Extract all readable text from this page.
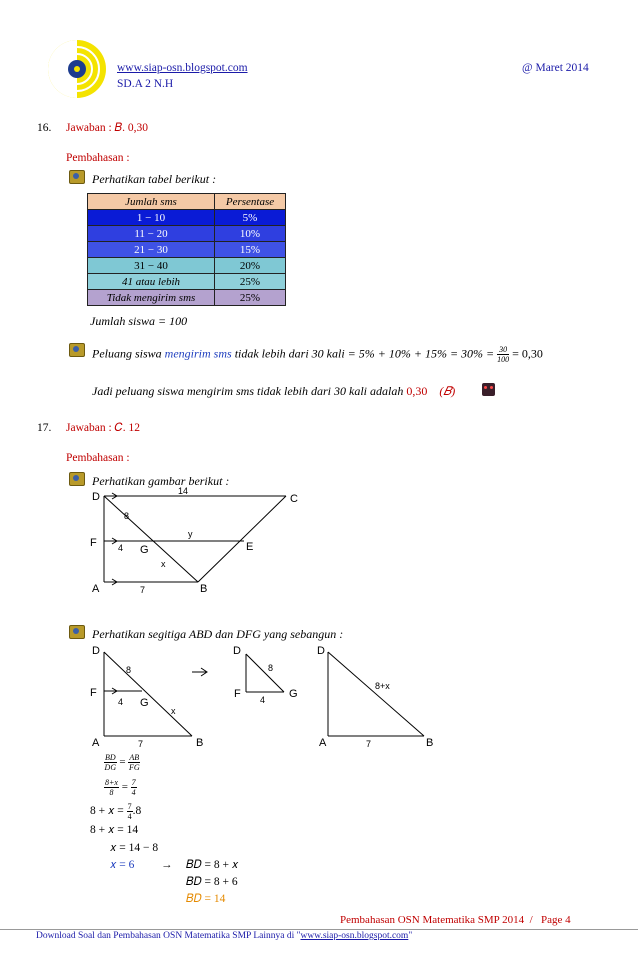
www.siap-osn.blogspot.com
SD.A 2 N.H
@ Maret 2014
16. Jawaban : 𝐵. 0,30
Pembahasan :
Perhatikan tabel berikut :
Jumlah sms	Persentase
1 − 10	5%
11 − 20	10%
21 − 30	15%
31 − 40	20%
41 atau lebih	25%
Tidak mengirim sms	25%
Jumlah siswa = 100
Peluang siswa mengirim sms tidak lebih dari 30 kali = $5\% + 10\% + 15\% = 30\% = \frac{30}{100} = 0,30$
Jadi peluang siswa mengirim sms tidak lebih dari 30 kali adalah 0,30 (𝐵)
17. Jawaban : 𝐶. 12
Pembahasan :
Perhatikan gambar berikut :
D	C
F	E
A	B
G
14
8
4
y
x
7
Perhatikan segitiga ABD dan DFG yang sebangun :
D
F
G
A	B
8
4
x
7
D
F	G
8
4
D
A	B
8+x
7
$\frac{BD}{DG} = \frac{AB}{FG}$
$\frac{8+x}{8} = \frac{7}{4}$
8 + 𝑥 = $\frac{7}{4} .8$
8 + 𝑥 = 14
𝑥 = 14 − 8
𝑥 = 6 → 𝐵𝐷 = 8 + 𝑥
𝐵𝐷 = 8 + 6
𝐵𝐷 = 14
Pembahasan OSN Matematika SMP 2014 / Page 4
Download Soal dan Pembahasan OSN Matematika SMP Lainnya di "www.siap-osn.blogspot.com"
